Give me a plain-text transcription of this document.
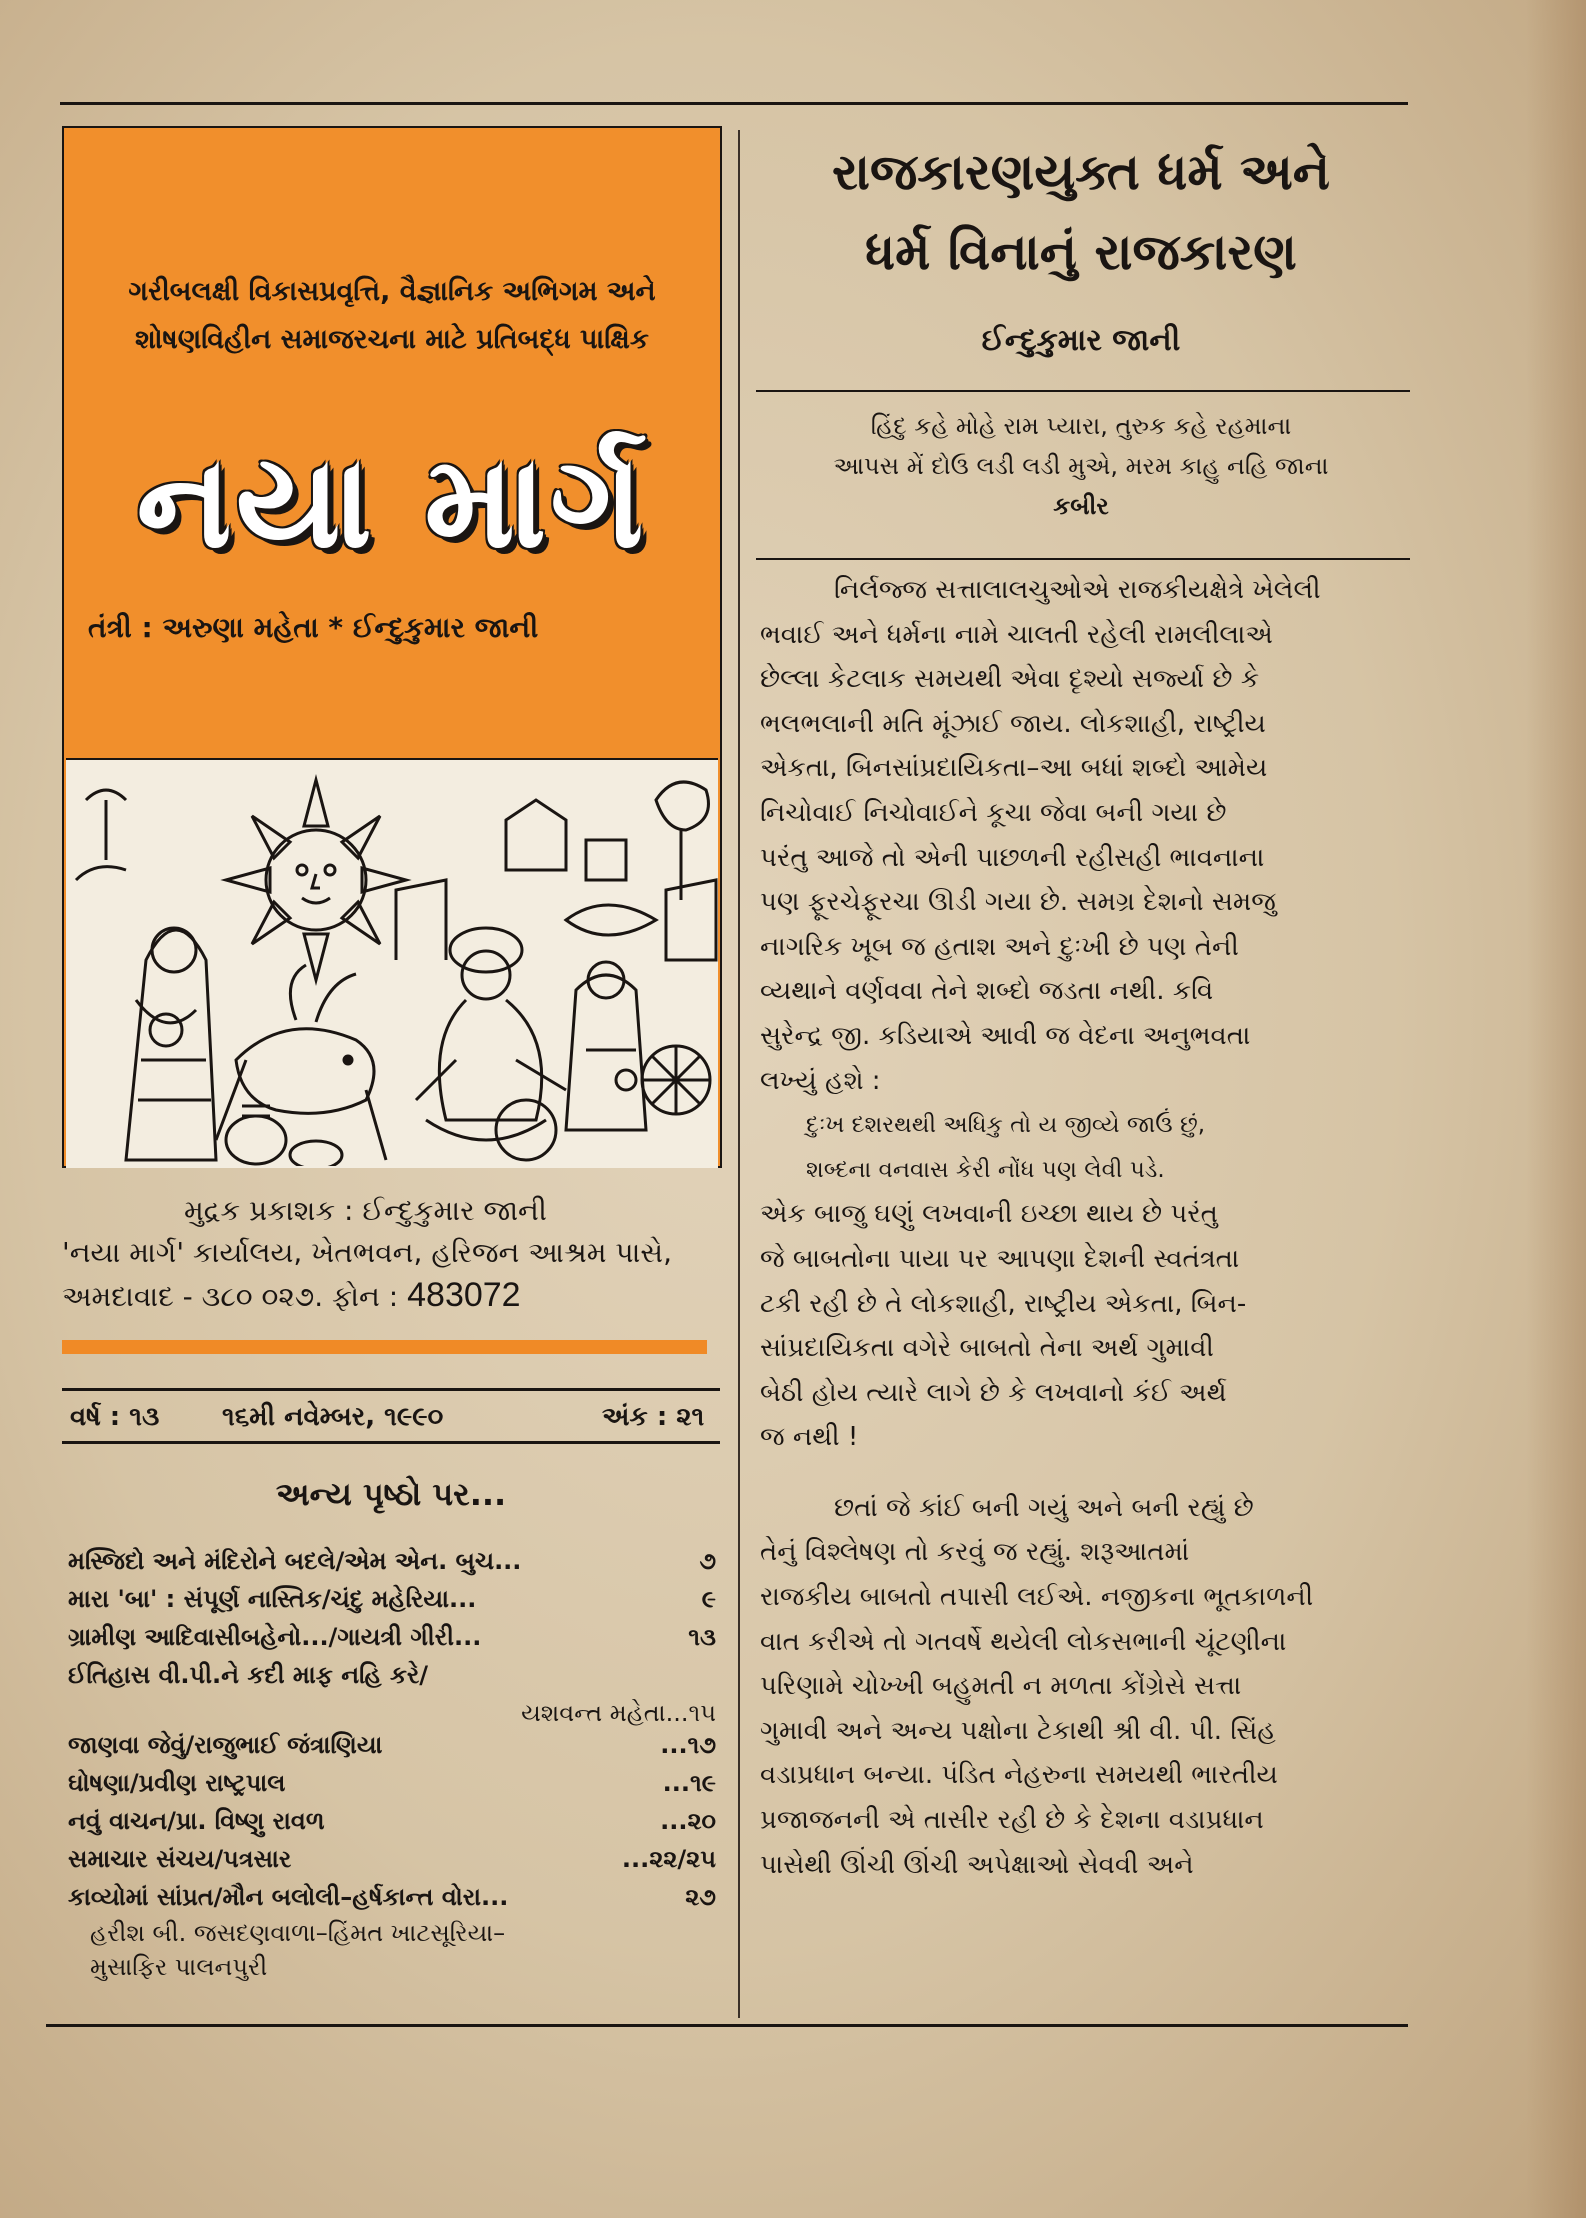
ગરીબલક્ષી વિકાસપ્રવૃત્તિ, વૈજ્ઞાનિક અભિગમ અને
શોષણવિહીન સમાજરચના માટે પ્રતિબદ્ધ પાક્ષિક
નયા માર્ગ
તંત્રી : અરુણા મહેતા * ઈન્દુકુમાર જાની
મુદ્રક પ્રકાશક : ઈન્દુકુમાર જાની
'નયા માર્ગ' કાર્યાલય, ખેતભવન, હરિજન આશ્રમ પાસે,
અમદાવાદ - ૩૮૦ ૦૨૭. ફોન : 483072
વર્ષ : ૧૩ ૧૬મી નવેમ્બર, ૧૯૯૦	અંક : ૨૧
અન્ય પૃષ્ઠો પર...
મસ્જિદો અને મંદિરોને બદલે/એમ એન. બુચ...	૭
મારા 'બા' : સંપૂર્ણ નાસ્તિક/ચંદુ મહેરિયા...	૯
ગ્રામીણ આદિવાસીબહેનો.../ગાયત્રી ગીરી...	૧૩
ઈતિહાસ વી.પી.ને કદી માફ નહિ કરે/
યશવન્ત મહેતા...૧૫
જાણવા જેવું/રાજુભાઈ જંત્રાણિયા	...૧૭
ઘોષણા/પ્રવીણ રાષ્ટ્રપાલ	...૧૯
નવું વાચન/પ્રા. વિષ્ણુ રાવળ	...૨૦
સમાચાર સંચય/પત્રસાર	...૨૨/૨૫
કાવ્યોમાં સાંપ્રત/મૌન બલોલી–હર્ષકાન્ત વોરા...	૨૭
હરીશ બી. જસદણવાળા–હિંમત ખાટસૂરિયા–
મુસાફિર પાલનપુરી
રાજકારણયુક્ત ધર્મ અને
ધર્મ વિનાનું રાજકારણ
ઈન્દુકુમાર જાની
હિંદુ કહે મોહે રામ પ્યારા, તુરુક કહે રહમાના
આપસ મેં દોઉ લડી લડી મુએ, મરમ કાહુ નહિ જાના
કબીર
નિર્લજ્જ સત્તાલાલચુઓએ રાજકીયક્ષેત્રે ખેલેલી
ભવાઈ અને ધર્મના નામે ચાલતી રહેલી રામલીલાએ
છેલ્લા કેટલાક સમયથી એવા દૃશ્યો સર્જ્યા છે કે
ભલભલાની મતિ મૂંઝાઈ જાય. લોકશાહી, રાષ્ટ્રીય
એકતા, બિનસાંપ્રદાયિકતા–આ બધાં શબ્દો આમેય
નિચોવાઈ નિચોવાઈને કૂચા જેવા બની ગયા છે
પરંતુ આજે તો એની પાછળની રહીસહી ભાવનાના
પણ ફૂરચેફૂરચા ઊડી ગયા છે. સમગ્ર દેશનો સમજુ
નાગરિક ખૂબ જ હતાશ અને દુઃખી છે પણ તેની
વ્યથાને વર્ણવવા તેને શબ્દો જડતા નથી. કવિ
સુરેન્દ્ર જી. કડિયાએ આવી જ વેદના અનુભવતા
લખ્યું હશે :
દુઃખ દશરથથી અધિકુ તો ય જીવ્યે જાઉં છું,
શબ્દના વનવાસ કેરી નોંધ પણ લેવી પડે.
એક બાજુ ઘણું લખવાની ઇચ્છા થાય છે પરંતુ
જે બાબતોના પાયા પર આપણા દેશની સ્વતંત્રતા
ટકી રહી છે તે લોકશાહી, રાષ્ટ્રીય એકતા, બિન-
સાંપ્રદાયિકતા વગેરે બાબતો તેના અર્થ ગુમાવી
બેઠી હોય ત્યારે લાગે છે કે લખવાનો કંઈ અર્થ
જ નથી !
છતાં જે કાંઈ બની ગયું અને બની રહ્યું છે
તેનું વિશ્લેષણ તો કરવું જ રહ્યું. શરૂઆતમાં
રાજકીય બાબતો તપાસી લઈએ. નજીકના ભૂતકાળની
વાત કરીએ તો ગતવર્ષે થયેલી લોકસભાની ચૂંટણીના
પરિણામે ચોખ્ખી બહુમતી ન મળતા કોંગ્રેસે સત્તા
ગુમાવી અને અન્ય પક્ષોના ટેકાથી શ્રી વી. પી. સિંહ
વડાપ્રધાન બન્યા. પંડિત નેહરુના સમયથી ભારતીય
પ્રજાજનની એ તાસીર રહી છે કે દેશના વડાપ્રધાન
પાસેથી ઊંચી ઊંચી અપેક્ષાઓ સેવવી અને
